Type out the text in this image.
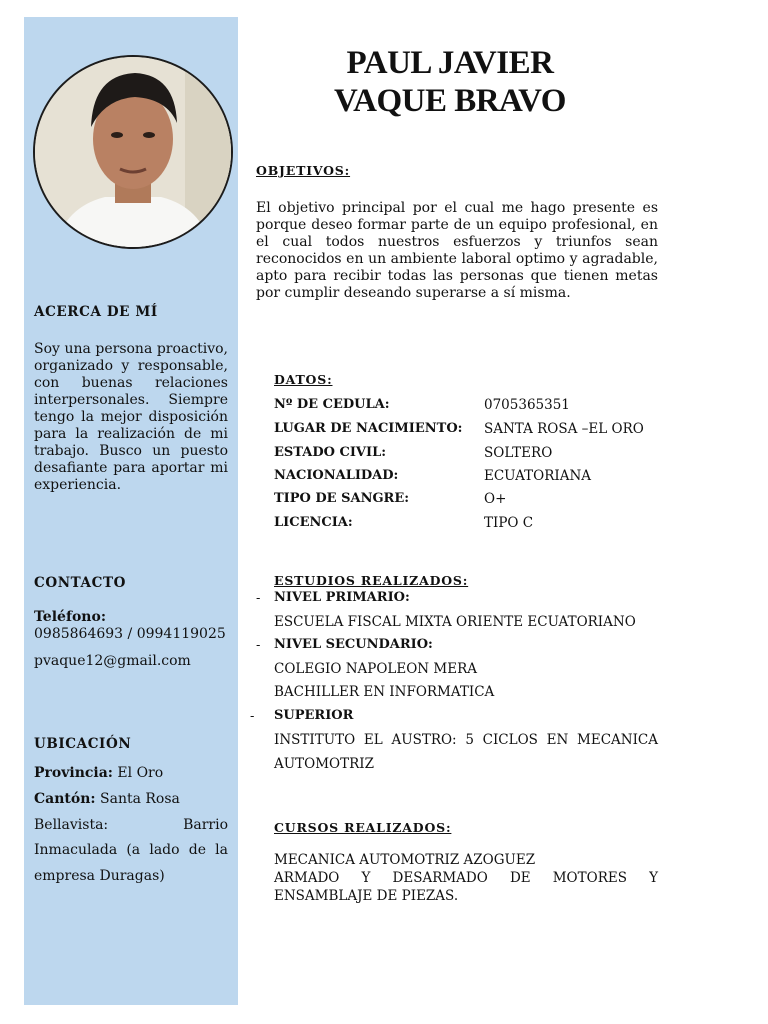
ACERCA DE MÍ
Soy una persona proactivo, organizado y responsable, con buenas relaciones interpersonales. Siempre tengo la mejor disposición para la realización de mi trabajo. Busco un puesto desafiante para aportar mi experiencia.
CONTACTO
Teléfono:
0985864693 / 0994119025
pvaque12@gmail.com
UBICACIÓN
Provincia: El Oro
Cantón: Santa Rosa
Bellavista: Barrio
Inmaculada (a lado de la
empresa Duragas)
PAUL JAVIER
VAQUE BRAVO
OBJETIVOS:
El objetivo principal por el cual me hago presente es porque deseo formar parte de un equipo profesional, en el cual todos nuestros esfuerzos y triunfos sean reconocidos en un ambiente laboral optimo y agradable, apto para recibir todas las personas que tienen metas por cumplir deseando superarse a sí misma.
DATOS:
Nº DE CEDULA:	0705365351
LUGAR DE NACIMIENTO: SANTA ROSA –EL ORO
ESTADO CIVIL:	SOLTERO
NACIONALIDAD:	ECUATORIANA
TIPO DE SANGRE:	O+
LICENCIA:	TIPO C
ESTUDIOS REALIZADOS:
- NIVEL PRIMARIO:
ESCUELA FISCAL MIXTA ORIENTE ECUATORIANO
- NIVEL SECUNDARIO:
COLEGIO NAPOLEON MERA
BACHILLER EN INFORMATICA
- SUPERIOR
INSTITUTO EL AUSTRO: 5 CICLOS EN MECANICA
AUTOMOTRIZ
CURSOS REALIZADOS:
MECANICA AUTOMOTRIZ AZOGUEZ
ARMADO Y DESARMADO DE MOTORES Y
ENSAMBLAJE DE PIEZAS.
